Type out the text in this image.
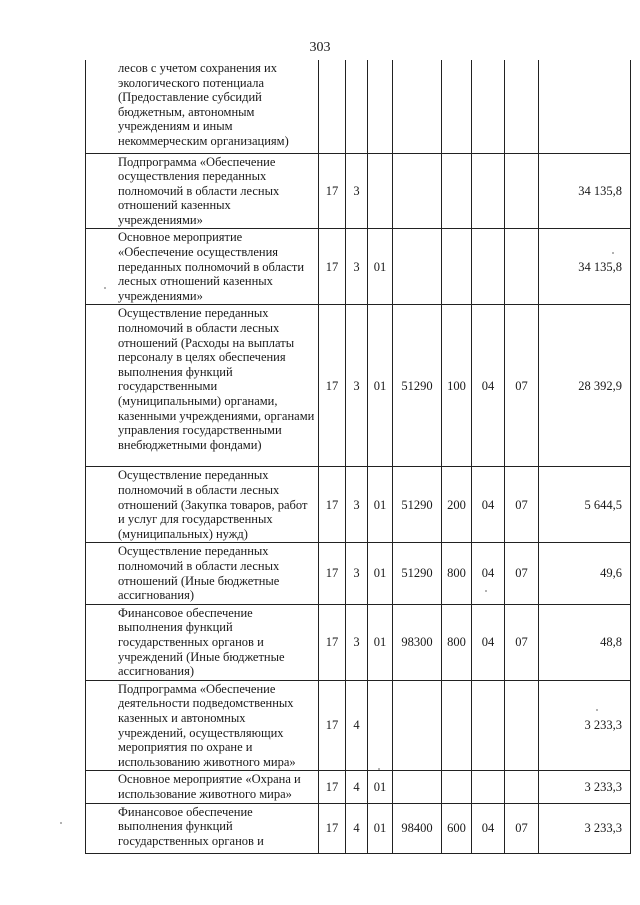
303
	лесов с учетом сохранения их экологического потенциала (Предоставление субсидий бюджетным, автономным учреждениям и иным некоммерческим организациям)								
	Подпрограмма «Обеспечение осуществления переданных полномочий в области лесных отношений казенных учреждениями»	17	3						34 135,8
	Основное мероприятие «Обеспечение осуществления переданных полномочий в области лесных отношений казенных учреждениями»	17	3	01					34 135,8
	Осуществление переданных полномочий в области лесных отношений (Расходы на выплаты персоналу в целях обеспечения выполнения функций государственными (муниципальными) органами, казенными учреждениями, органами управления государственными внебюджетными фондами)	17	3	01	51290	100	04	07	28 392,9
	Осуществление переданных полномочий в области лесных отношений (Закупка товаров, работ и услуг для государственных (муниципальных) нужд)	17	3	01	51290	200	04	07	5 644,5
	Осуществление переданных полномочий в области лесных отношений (Иные бюджетные ассигнования)	17	3	01	51290	800	04	07	49,6
	Финансовое обеспечение выполнения функций государственных органов и учреждений (Иные бюджетные ассигнования)	17	3	01	98300	800	04	07	48,8
	Подпрограмма «Обеспечение деятельности подведомственных казенных и автономных учреждений, осуществляющих мероприятия по охране и использованию животного мира»	17	4						3 233,3
	Основное мероприятие «Охрана и использование животного мира»	17	4	01					3 233,3
	Финансовое обеспечение выполнения функций государственных органов и	17	4	01	98400	600	04	07	3 233,3
